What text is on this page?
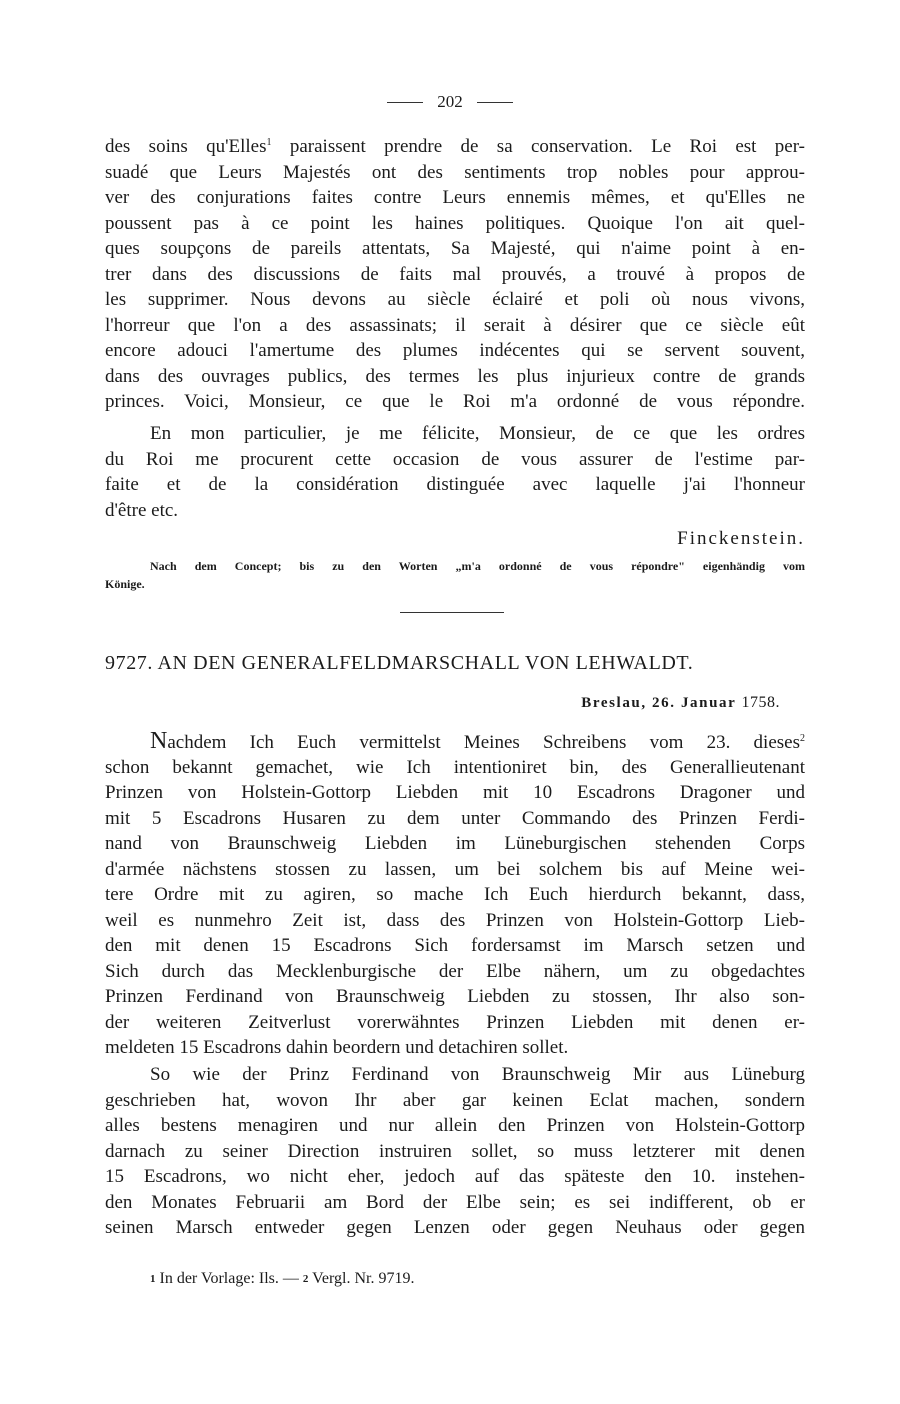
202
des soins qu'Elles$^1$ paraissent prendre de sa conservation. Le Roi est per-
suadé que Leurs Majestés ont des sentiments trop nobles pour approu-
ver des conjurations faites contre Leurs ennemis mêmes, et qu'Elles ne
poussent pas à ce point les haines politiques. Quoique l'on ait quel-
ques soupçons de pareils attentats, Sa Majesté, qui n'aime point à en-
trer dans des discussions de faits mal prouvés, a trouvé à propos de
les supprimer. Nous devons au siècle éclairé et poli où nous vivons,
l'horreur que l'on a des assassinats; il serait à désirer que ce siècle eût
encore adouci l'amertume des plumes indécentes qui se servent souvent,
dans des ouvrages publics, des termes les plus injurieux contre de grands
princes. Voici, Monsieur, ce que le Roi m'a ordonné de vous répondre.
En mon particulier, je me félicite, Monsieur, de ce que les ordres
du Roi me procurent cette occasion de vous assurer de l'estime par-
faite et de la considération distinguée avec laquelle j'ai l'honneur
d'être etc.
Finckenstein.
Nach dem Concept; bis zu den Worten „m'a ordonné de vous répondre" eigenhändig vom
Könige.
9727. AN DEN GENERALFELDMARSCHALL VON LEHWALDT.
Breslau, 26. Januar 1758.
Nachdem Ich Euch vermittelst Meines Schreibens vom 23. dieses$^2$
schon bekannt gemachet, wie Ich intentioniret bin, des Generallieutenant
Prinzen von Holstein-Gottorp Liebden mit 10 Escadrons Dragoner und
mit 5 Escadrons Husaren zu dem unter Commando des Prinzen Ferdi-
nand von Braunschweig Liebden im Lüneburgischen stehenden Corps
d'armée nächstens stossen zu lassen, um bei solchem bis auf Meine wei-
tere Ordre mit zu agiren, so mache Ich Euch hierdurch bekannt, dass,
weil es nunmehro Zeit ist, dass des Prinzen von Holstein-Gottorp Lieb-
den mit denen 15 Escadrons Sich fordersamst im Marsch setzen und
Sich durch das Mecklenburgische der Elbe nähern, um zu obgedachtes
Prinzen Ferdinand von Braunschweig Liebden zu stossen, Ihr also son-
der weiteren Zeitverlust vorerwähntes Prinzen Liebden mit denen er-
meldeten 15 Escadrons dahin beordern und detachiren sollet.
So wie der Prinz Ferdinand von Braunschweig Mir aus Lüneburg
geschrieben hat, wovon Ihr aber gar keinen Eclat machen, sondern
alles bestens menagiren und nur allein den Prinzen von Holstein-Gottorp
darnach zu seiner Direction instruiren sollet, so muss letzterer mit denen
15 Escadrons, wo nicht eher, jedoch auf das späteste den 10. instehen-
den Monates Februarii am Bord der Elbe sein; es sei indifferent, ob er
seinen Marsch entweder gegen Lenzen oder gegen Neuhaus oder gegen
1 In der Vorlage: Ils. — 2 Vergl. Nr. 9719.
